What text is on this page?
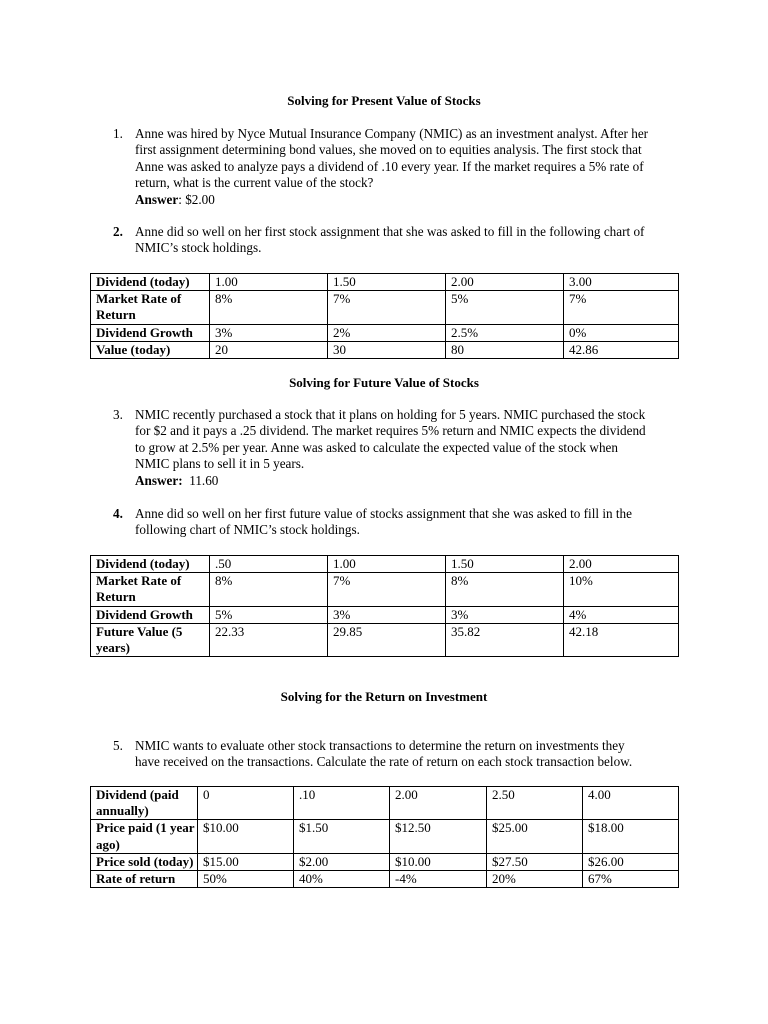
Solving for Present Value of Stocks
1. Anne was hired by Nyce Mutual Insurance Company (NMIC) as an investment analyst. After her
first assignment determining bond values, she moved on to equities analysis. The first stock that
Anne was asked to analyze pays a dividend of .10 every year. If the market requires a 5% rate of
return, what is the current value of the stock?
Answer: $2.00
2. Anne did so well on her first stock assignment that she was asked to fill in the following chart of
NMIC’s stock holdings.
Dividend (today)	1.00	1.50	2.00	3.00
Market Rate of Return	8%	7%	5%	7%
Dividend Growth	3%	2%	2.5%	0%
Value (today)	20	30	80	42.86
Solving for Future Value of Stocks
3. NMIC recently purchased a stock that it plans on holding for 5 years. NMIC purchased the stock
for $2 and it pays a .25 dividend. The market requires 5% return and NMIC expects the dividend
to grow at 2.5% per year. Anne was asked to calculate the expected value of the stock when
NMIC plans to sell it in 5 years.
Answer:  11.60
4. Anne did so well on her first future value of stocks assignment that she was asked to fill in the
following chart of NMIC’s stock holdings.
Dividend (today)	.50	1.00	1.50	2.00
Market Rate of Return	8%	7%	8%	10%
Dividend Growth	5%	3%	3%	4%
Future Value (5 years)	22.33	29.85	35.82	42.18
Solving for the Return on Investment
5. NMIC wants to evaluate other stock transactions to determine the return on investments they
have received on the transactions. Calculate the rate of return on each stock transaction below.
Dividend (paid annually)	0	.10	2.00	2.50	4.00
Price paid (1 year ago)	$10.00	$1.50	$12.50	$25.00	$18.00
Price sold (today)	$15.00	$2.00	$10.00	$27.50	$26.00
Rate of return	50%	40%	-4%	20%	67%
